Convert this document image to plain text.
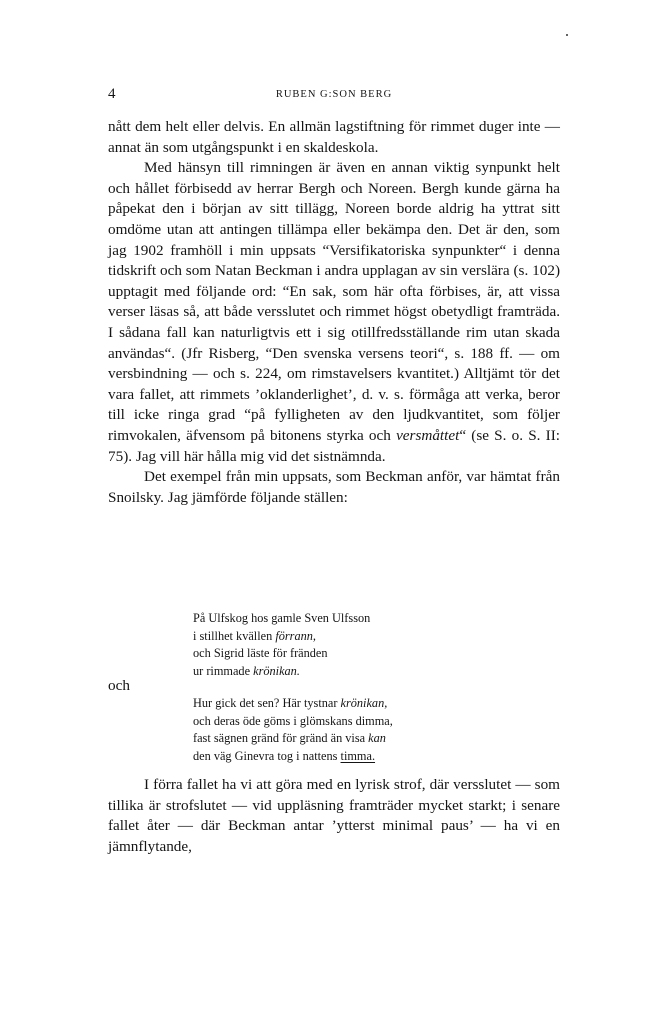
4	RUBEN G:SON BERG

nått dem helt eller delvis. En allmän lagstiftning för rimmet duger inte — annat än som utgångspunkt i en skaldeskola.

Med hänsyn till rimningen är även en annan viktig synpunkt helt och hållet förbisedd av herrar Bergh och Noreen. Bergh kunde gärna ha påpekat den i början av sitt tillägg, Noreen borde aldrig ha yttrat sitt omdöme utan att antingen tillämpa eller bekämpa den. Det är den, som jag 1902 framhöll i min uppsats “Versifikatoriska synpunkter“ i denna tidskrift och som Natan Beckman i andra upplagan av sin verslära (s. 102) upptagit med följande ord: “En sak, som här ofta förbises, är, att vissa verser läsas så, att både versslutet och rimmet högst obetydligt framträda. I sådana fall kan naturligtvis ett i sig otillfredsställande rim utan skada användas“. (Jfr Risberg, “Den svenska versens teori“, s. 188 ff. — om versbindning — och s. 224, om rimstavelsers kvantitet.) Alltjämt tör det vara fallet, att rimmets ’oklanderlighet’, d. v. s. förmåga att verka, beror till icke ringa grad “på fylligheten av den ljudkvantitet, som följer rimvokalen, äfvensom på bitonens styrka och versmåttet“ (se S. o. S. II: 75). Jag vill här hålla mig vid det sistnämnda.

Det exempel från min uppsats, som Beckman anför, var hämtat från Snoilsky. Jag jämförde följande ställen:

På Ulfskog hos gamle Sven Ulfsson
i stillhet kvällen förrann,
och Sigrid läste för fränden
ur rimmade krönikan.
och
Hur gick det sen? Här tystnar krönikan,
och deras öde göms i glömskans dimma,
fast sägnen gränd för gränd än visa kan
den väg Ginevra tog i nattens timma.

I förra fallet ha vi att göra med en lyrisk strof, där versslutet — som tillika är strofslutet — vid uppläsning framträder mycket starkt; i senare fallet åter — där Beckman antar ’ytterst minimal paus’ — ha vi en jämnflytande,
